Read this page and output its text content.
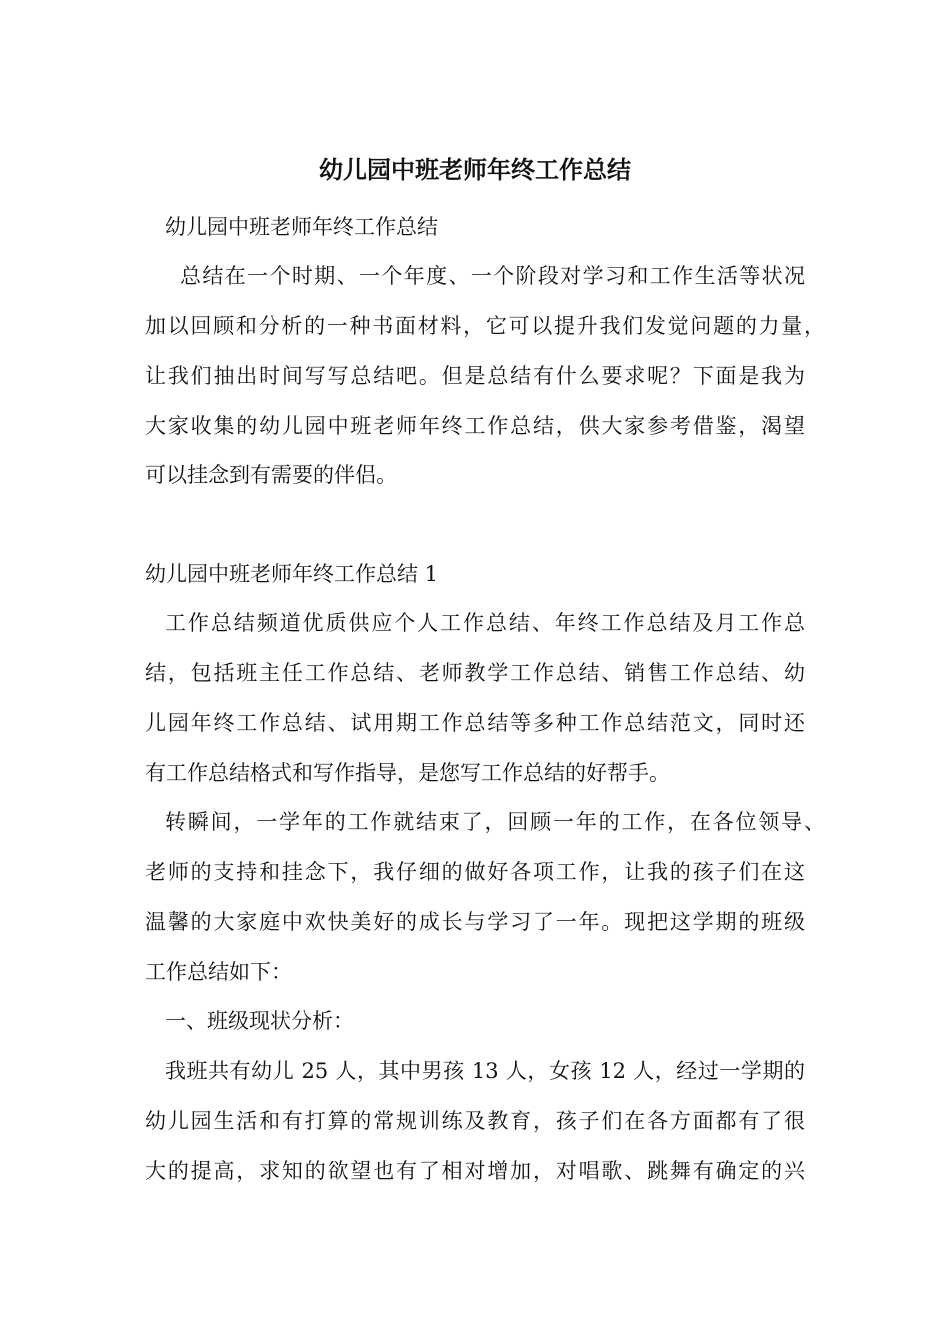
幼儿园中班老师年终工作总结

幼儿园中班老师年终工作总结

总结在一个时期、一个年度、一个阶段对学习和工作生活等状况

加以回顾和分析的一种书面材料，它可以提升我们发觉问题的力量，

让我们抽出时间写写总结吧。但是总结有什么要求呢？下面是我为

大家收集的幼儿园中班老师年终工作总结，供大家参考借鉴，渴望

可以挂念到有需要的伴侣。

幼儿园中班老师年终工作总结 1

工作总结频道优质供应个人工作总结、年终工作总结及月工作总

结，包括班主任工作总结、老师教学工作总结、销售工作总结、幼

儿园年终工作总结、试用期工作总结等多种工作总结范文，同时还

有工作总结格式和写作指导，是您写工作总结的好帮手。

转瞬间，一学年的工作就结束了，回顾一年的工作，在各位领导、

老师的支持和挂念下，我仔细的做好各项工作，让我的孩子们在这

温馨的大家庭中欢快美好的成长与学习了一年。现把这学期的班级

工作总结如下：

一、班级现状分析：

我班共有幼儿 25 人，其中男孩 13 人，女孩 12 人，经过一学期的

幼儿园生活和有打算的常规训练及教育，孩子们在各方面都有了很

大的提高，求知的欲望也有了相对增加，对唱歌、跳舞有确定的兴
